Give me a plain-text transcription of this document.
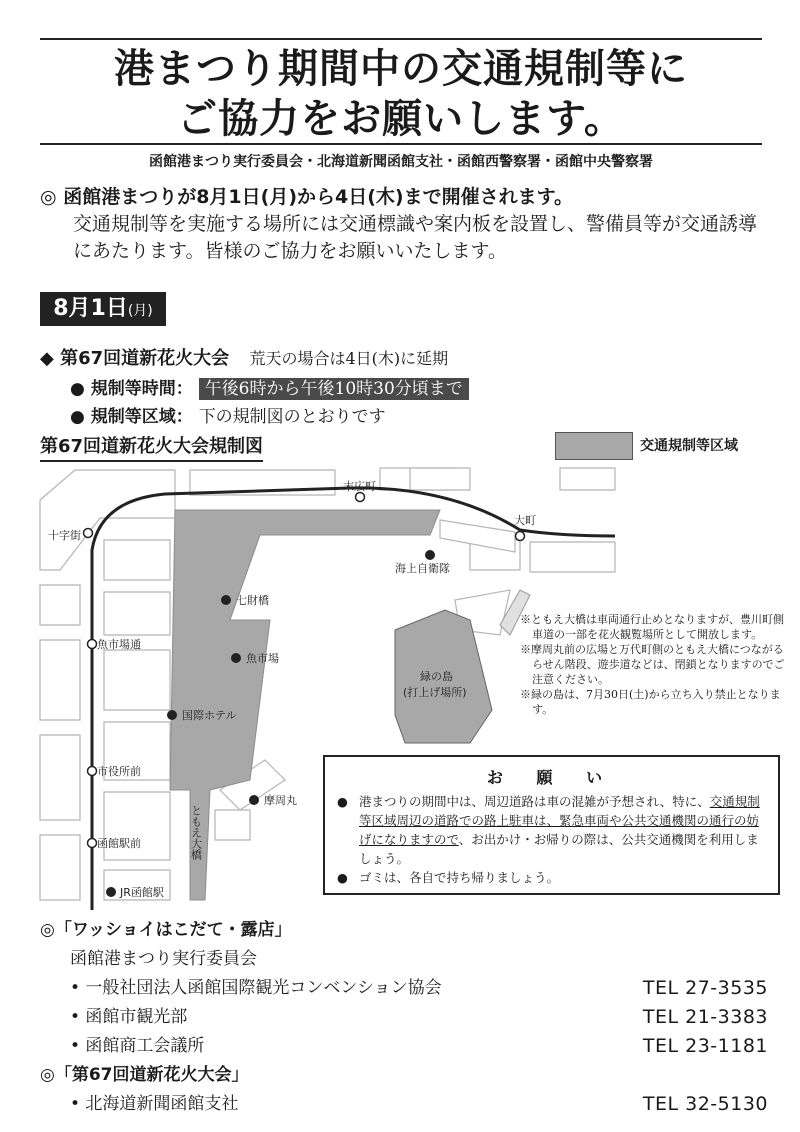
港まつり期間中の交通規制等に
ご協力をお願いします。
函館港まつり実行委員会・北海道新聞函館支社・函館西警察署・函館中央警察署
◎ 函館港まつりが8月1日(月)から4日(木)まで開催されます。
交通規制等を実施する場所には交通標識や案内板を設置し、警備員等が交通誘導にあたります。皆様のご協力をお願いいたします。
8月1日(月)
◆ 第67回道新花火大会 荒天の場合は4日(木)に延期
● 規制等時間： 午後6時から午後10時30分頃まで
● 規制等区域： 下の規制図のとおりです
第67回道新花火大会規制図	交通規制等区域
末広町
大町
十字街
魚市場通
市役所前
函館駅前
JR函館駅
海上自衛隊
七財橋
魚市場
国際ホテル
摩周丸
ともえ大橋
緑の島
(打上げ場所)
※ともえ大橋は車両通行止めとなりますが、豊川町側車道の一部を花火観覧場所として開放します。
※摩周丸前の広場と万代町側のともえ大橋につながるらせん階段、遊歩道などは、閉鎖となりますのでご注意ください。
※緑の島は、7月30日(土)から立ち入り禁止となります。
お 願 い
● 港まつりの期間中は、周辺道路は車の混雑が予想され、特に、交通規制等区域周辺の道路での路上駐車は、緊急車両や公共交通機関の通行の妨げになりますので、お出かけ・お帰りの際は、公共交通機関を利用しましょう。
● ゴミは、各自で持ち帰りましょう。
◎「ワッショイはこだて・露店」
函館港まつり実行委員会
• 一般社団法人函館国際観光コンベンション協会	TEL 27-3535
• 函館市観光部	TEL 21-3383
• 函館商工会議所	TEL 23-1181
◎「第67回道新花火大会」
• 北海道新聞函館支社	TEL 32-5130
